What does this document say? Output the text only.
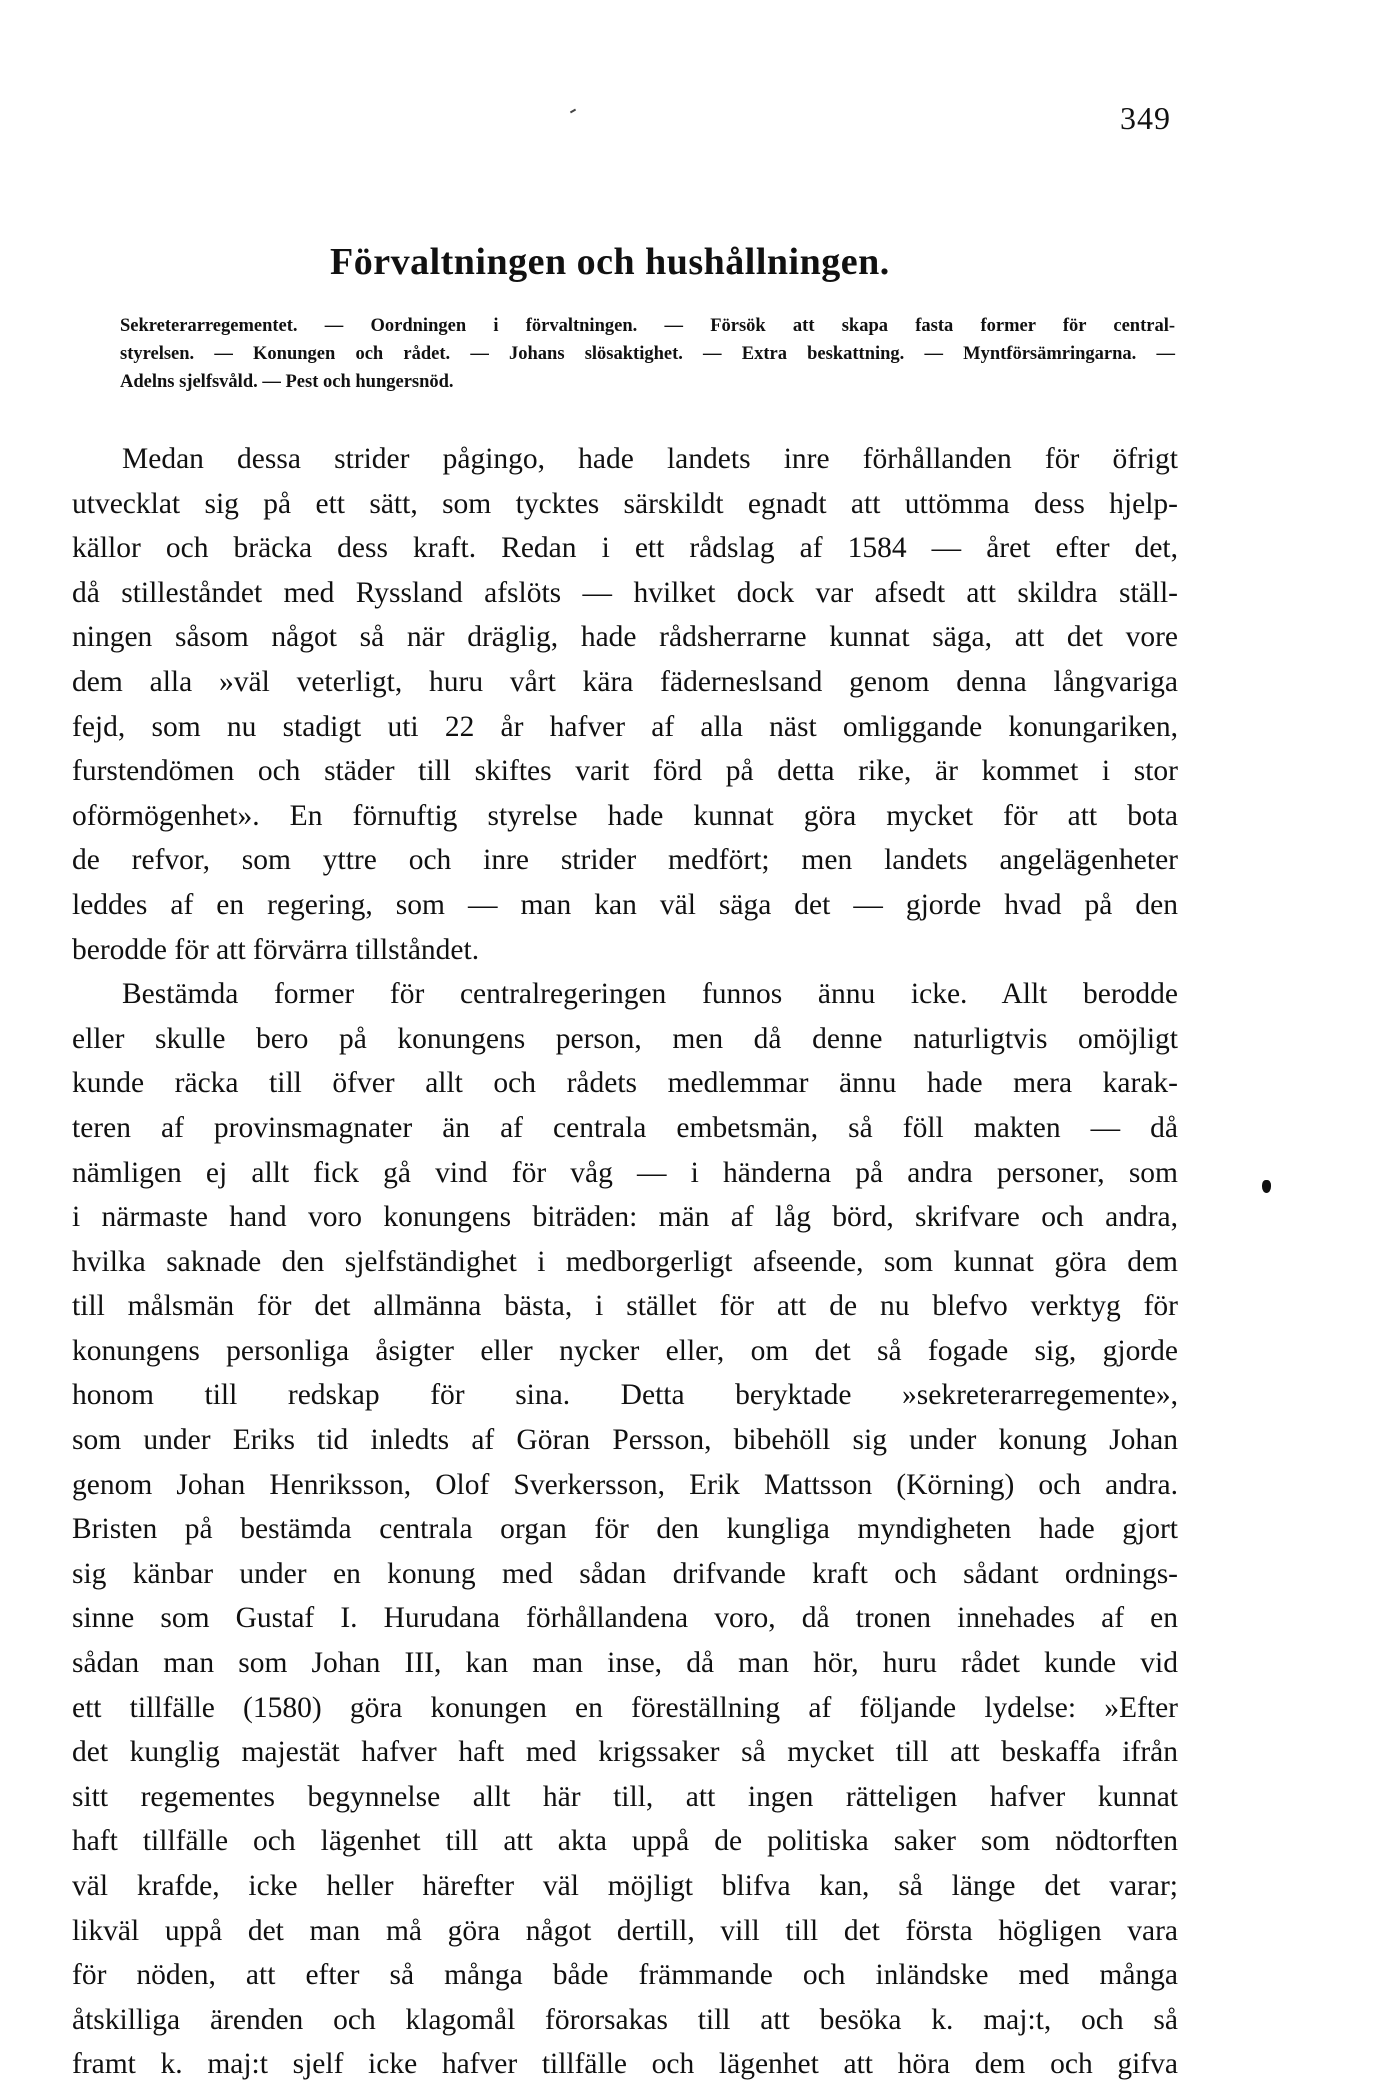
349
Förvaltningen och hushållningen.
Sekreterarregementet. — Oordningen i förvaltningen. — Försök att skapa fasta former för central-
styrelsen. — Konungen och rådet. — Johans slösaktighet. — Extra beskattning. — Myntförsämringarna. —
Adelns sjelfsvåld. — Pest och hungersnöd.
Medan dessa strider pågingo, hade landets inre förhållanden för öfrigt
utvecklat sig på ett sätt, som tycktes särskildt egnadt att uttömma dess hjelp-
källor och bräcka dess kraft. Redan i ett rådslag af 1584 — året efter det,
då stilleståndet med Ryssland afslöts — hvilket dock var afsedt att skildra ställ-
ningen såsom något så när dräglig, hade rådsherrarne kunnat säga, att det vore
dem alla »väl veterligt, huru vårt kära fäderneslsand genom denna långvariga
fejd, som nu stadigt uti 22 år hafver af alla näst omliggande konungariken,
furstendömen och städer till skiftes varit förd på detta rike, är kommet i stor
oförmögenhet». En förnuftig styrelse hade kunnat göra mycket för att bota
de refvor, som yttre och inre strider medfört; men landets angelägenheter
leddes af en regering, som — man kan väl säga det — gjorde hvad på den
berodde för att förvärra tillståndet.
Bestämda former för centralregeringen funnos ännu icke. Allt berodde
eller skulle bero på konungens person, men då denne naturligtvis omöjligt
kunde räcka till öfver allt och rådets medlemmar ännu hade mera karak-
teren af provinsmagnater än af centrala embetsmän, så föll makten — då
nämligen ej allt fick gå vind för våg — i händerna på andra personer, som
i närmaste hand voro konungens biträden: män af låg börd, skrifvare och andra,
hvilka saknade den sjelfständighet i medborgerligt afseende, som kunnat göra dem
till målsmän för det allmänna bästa, i stället för att de nu blefvo verktyg för
konungens personliga åsigter eller nycker eller, om det så fogade sig, gjorde
honom till redskap för sina. Detta beryktade »sekreterarregemente»,
som under Eriks tid inledts af Göran Persson, bibehöll sig under konung Johan
genom Johan Henriksson, Olof Sverkersson, Erik Mattsson (Körning) och andra.
Bristen på bestämda centrala organ för den kungliga myndigheten hade gjort
sig känbar under en konung med sådan drifvande kraft och sådant ordnings-
sinne som Gustaf I. Hurudana förhållandena voro, då tronen innehades af en
sådan man som Johan III, kan man inse, då man hör, huru rådet kunde vid
ett tillfälle (1580) göra konungen en föreställning af följande lydelse: »Efter
det kunglig majestät hafver haft med krigssaker så mycket till att beskaffa ifrån
sitt regementes begynnelse allt här till, att ingen rätteligen hafver kunnat
haft tillfälle och lägenhet till att akta uppå de politiska saker som nödtorften
väl krafde, icke heller härefter väl möjligt blifva kan, så länge det varar;
likväl uppå det man må göra något dertill, vill till det första högligen vara
för nöden, att efter så många både främmande och inländske med många
åtskilliga ärenden och klagomål förorsakas till att besöka k. maj:t, och så
framt k. maj:t sjelf icke hafver tillfälle och lägenhet att höra dem och gifva
